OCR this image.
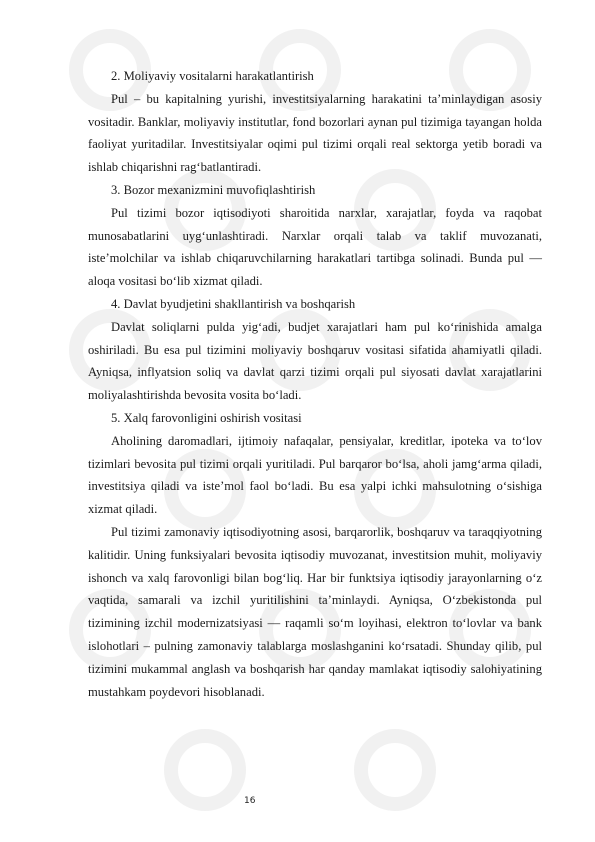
2. Moliyaviy vositalarni harakatlantirish

Pul – bu kapitalning yurishi, investitsiyalarning harakatini ta’minlaydigan asosiy vositadir. Banklar, moliyaviy institutlar, fond bozorlari aynan pul tizimiga tayangan holda faoliyat yuritadilar. Investitsiyalar oqimi pul tizimi orqali real sektorga yetib boradi va ishlab chiqarishni rag‘batlantiradi.

3. Bozor mexanizmini muvofiqlashtirish

Pul tizimi bozor iqtisodiyoti sharoitida narxlar, xarajatlar, foyda va raqobat munosabatlarini uyg‘unlashtiradi. Narxlar orqali talab va taklif muvozanati, iste’molchilar va ishlab chiqaruvchilarning harakatlari tartibga solinadi. Bunda pul — aloqa vositasi bo‘lib xizmat qiladi.

4. Davlat byudjetini shakllantirish va boshqarish

Davlat soliqlarni pulda yig‘adi, budjet xarajatlari ham pul ko‘rinishida amalga oshiriladi. Bu esa pul tizimini moliyaviy boshqaruv vositasi sifatida ahamiyatli qiladi. Ayniqsa, inflyatsion soliq va davlat qarzi tizimi orqali pul siyosati davlat xarajatlarini moliyalashtirishda bevosita vosita bo‘ladi.

5. Xalq farovonligini oshirish vositasi

Aholining daromadlari, ijtimoiy nafaqalar, pensiyalar, kreditlar, ipoteka va to‘lov tizimlari bevosita pul tizimi orqali yuritiladi. Pul barqaror bo‘lsa, aholi jamg‘arma qiladi, investitsiya qiladi va iste’mol faol bo‘ladi. Bu esa yalpi ichki mahsulotning o‘sishiga xizmat qiladi.

Pul tizimi zamonaviy iqtisodiyotning asosi, barqarorlik, boshqaruv va taraqqiyotning kalitidir. Uning funksiyalari bevosita iqtisodiy muvozanat, investitsion muhit, moliyaviy ishonch va xalq farovonligi bilan bog‘liq. Har bir funktsiya iqtisodiy jarayonlarning o‘z vaqtida, samarali va izchil yuritilishini ta’minlaydi. Ayniqsa, O‘zbekistonda pul tizimining izchil modernizatsiyasi — raqamli so‘m loyihasi, elektron to‘lovlar va bank islohotlari – pulning zamonaviy talablarga moslashganini ko‘rsatadi. Shunday qilib, pul tizimini mukammal anglash va boshqarish har qanday mamlakat iqtisodiy salohiyatining mustahkam poydevori hisoblanadi.

16
